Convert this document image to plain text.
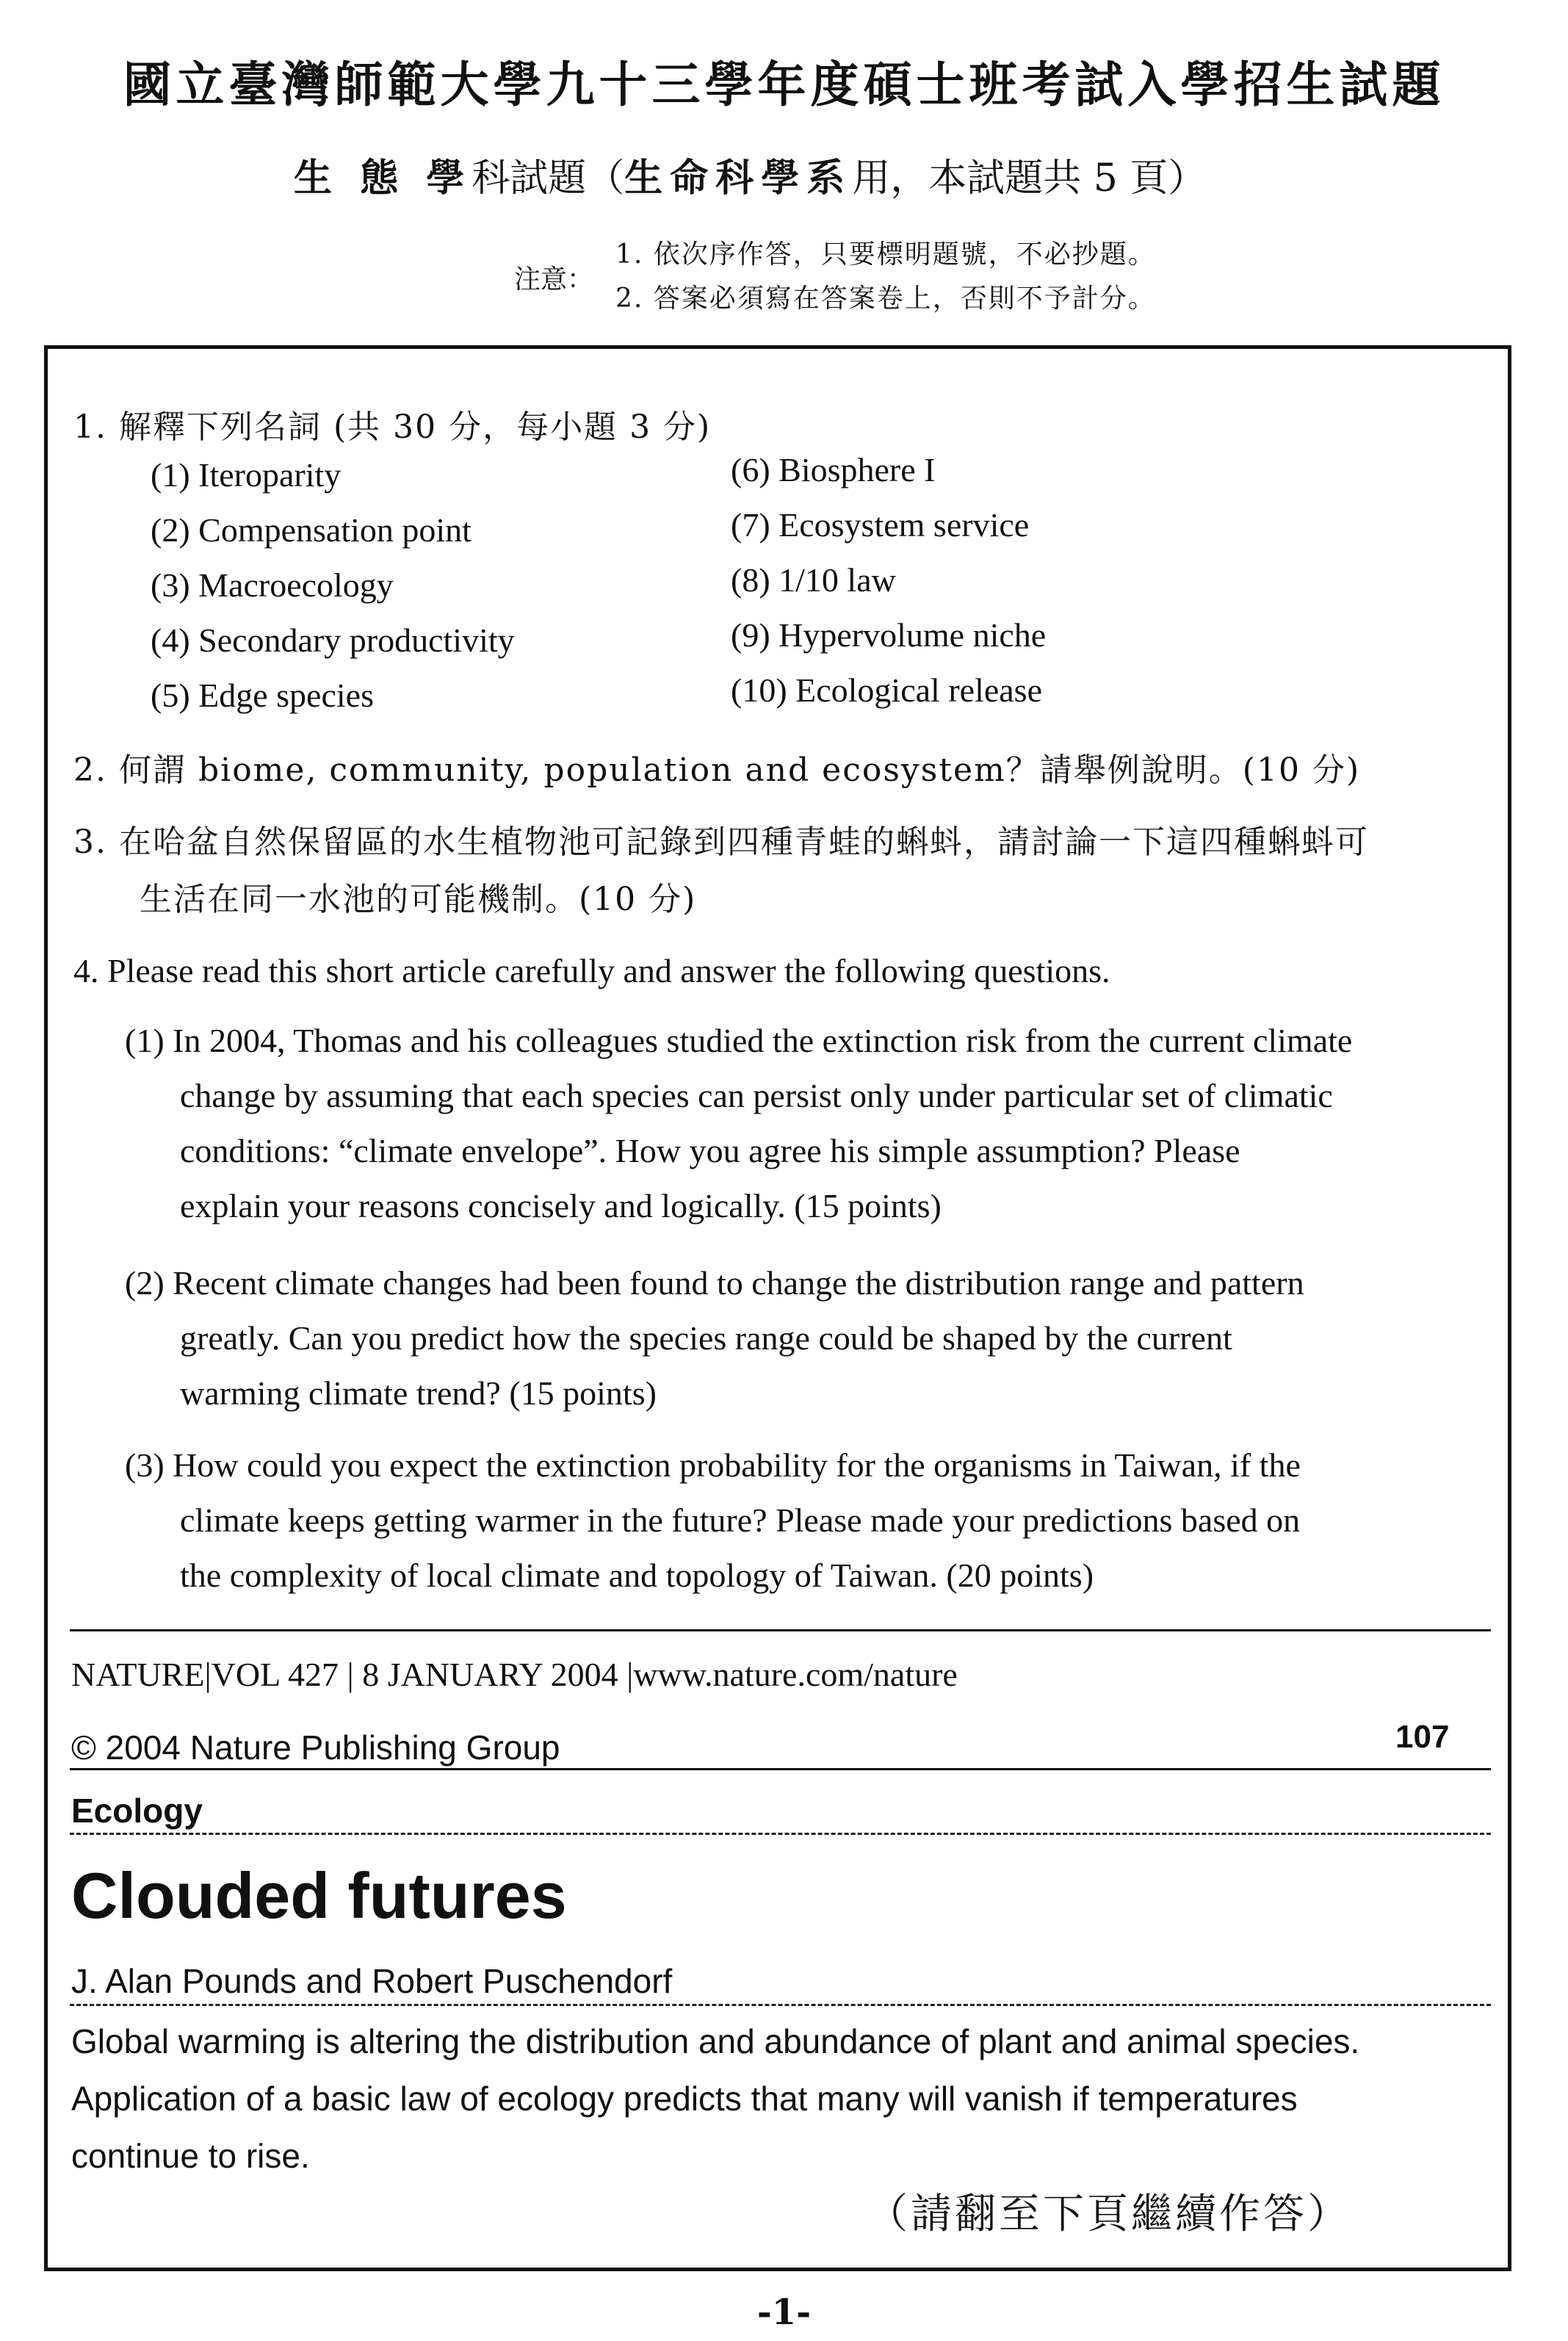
國立臺灣師範大學九十三學年度碩士班考試入學招生試題
生 態 學科試題（生命科學系用，本試題共 5 頁）
注意：
1. 依次序作答，只要標明題號，不必抄題。
2. 答案必須寫在答案卷上，否則不予計分。
1. 解釋下列名詞 (共 30 分，每小題 3 分)
(1) Iteroparity
(2) Compensation point
(3) Macroecology
(4) Secondary productivity
(5) Edge species
(6) Biosphere I
(7) Ecosystem service
(8) 1/10 law
(9) Hypervolume niche
(10) Ecological release
2. 何謂 biome, community, population and ecosystem？請舉例說明。(10 分)
3. 在哈盆自然保留區的水生植物池可記錄到四種青蛙的蝌蚪，請討論一下這四種蝌蚪可
生活在同一水池的可能機制。(10 分)
4. Please read this short article carefully and answer the following questions.
(1) In 2004, Thomas and his colleagues studied the extinction risk from the current climate
change by assuming that each species can persist only under particular set of climatic
conditions: “climate envelope”. How you agree his simple assumption? Please
explain your reasons concisely and logically. (15 points)
(2) Recent climate changes had been found to change the distribution range and pattern
greatly. Can you predict how the species range could be shaped by the current
warming climate trend? (15 points)
(3) How could you expect the extinction probability for the organisms in Taiwan, if the
climate keeps getting warmer in the future? Please made your predictions based on
the complexity of local climate and topology of Taiwan. (20 points)
NATURE|VOL 427 | 8 JANUARY 2004 |www.nature.com/nature
© 2004 Nature Publishing Group	107
Ecology
Clouded futures
J. Alan Pounds and Robert Puschendorf
Global warming is altering the distribution and abundance of plant and animal species.
Application of a basic law of ecology predicts that many will vanish if temperatures
continue to rise.
（請翻至下頁繼續作答）
-1-
